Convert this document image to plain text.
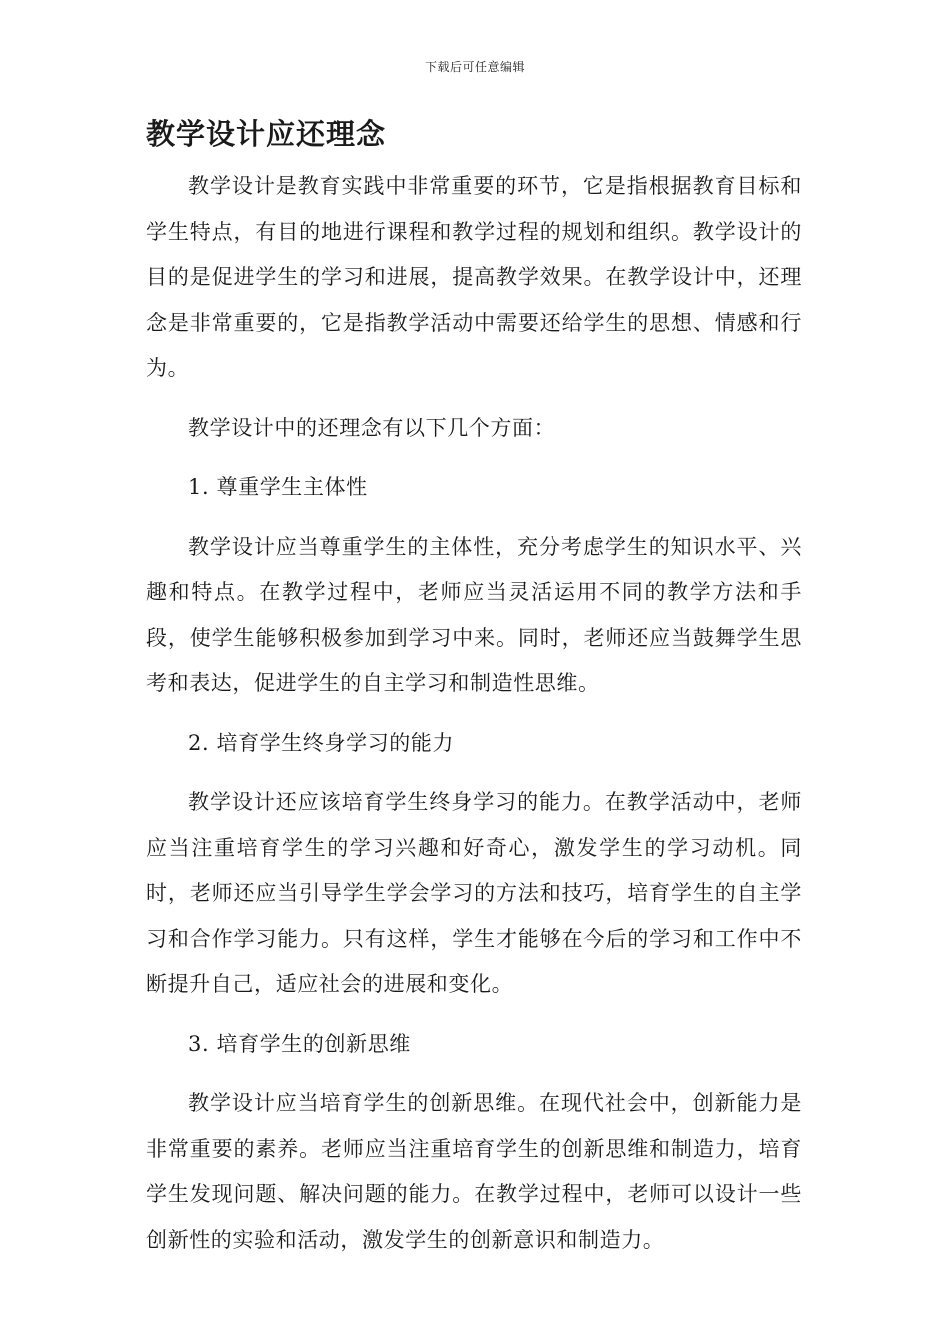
下载后可任意编辑
教学设计应还理念

教学设计是教育实践中非常重要的环节，它是指根据教育目标和学生特点，有目的地进行课程和教学过程的规划和组织。教学设计的目的是促进学生的学习和进展，提高教学效果。在教学设计中，还理念是非常重要的，它是指教学活动中需要还给学生的思想、情感和行为。

教学设计中的还理念有以下几个方面：

1. 尊重学生主体性

教学设计应当尊重学生的主体性，充分考虑学生的知识水平、兴趣和特点。在教学过程中，老师应当灵活运用不同的教学方法和手段，使学生能够积极参加到学习中来。同时，老师还应当鼓舞学生思考和表达，促进学生的自主学习和制造性思维。

2. 培育学生终身学习的能力

教学设计还应该培育学生终身学习的能力。在教学活动中，老师应当注重培育学生的学习兴趣和好奇心，激发学生的学习动机。同时，老师还应当引导学生学会学习的方法和技巧，培育学生的自主学习和合作学习能力。只有这样，学生才能够在今后的学习和工作中不断提升自己，适应社会的进展和变化。

3. 培育学生的创新思维

教学设计应当培育学生的创新思维。在现代社会中，创新能力是非常重要的素养。老师应当注重培育学生的创新思维和制造力，培育学生发现问题、解决问题的能力。在教学过程中，老师可以设计一些创新性的实验和活动，激发学生的创新意识和制造力。
